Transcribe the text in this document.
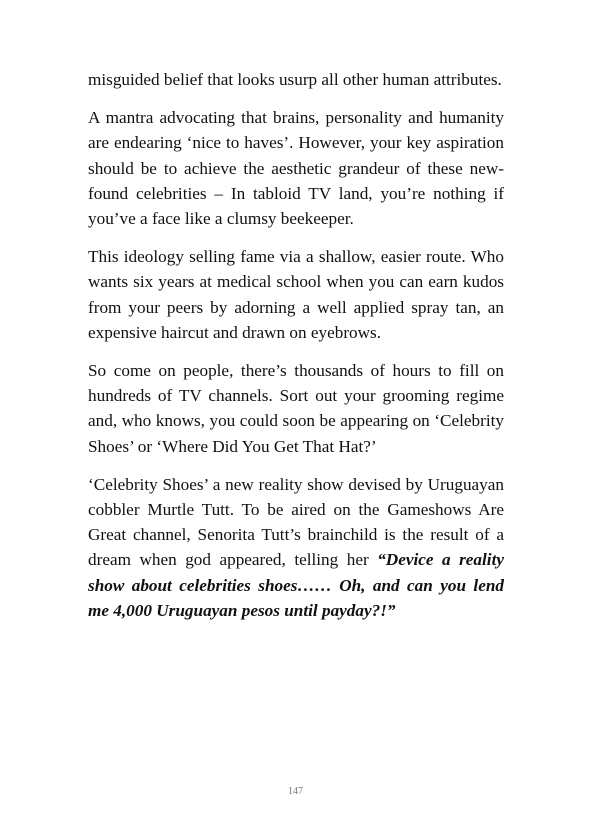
misguided belief that looks usurp all other human attributes.

A mantra advocating that brains, personality and humanity are endearing ‘nice to haves’. However, your key aspiration should be to achieve the aesthetic grandeur of these new-found celebrities – In tabloid TV land, you’re nothing if you’ve a face like a clumsy beekeeper.

This ideology selling fame via a shallow, easier route. Who wants six years at medical school when you can earn kudos from your peers by adorning a well applied spray tan, an expensive haircut and drawn on eyebrows.

So come on people, there’s thousands of hours to fill on hundreds of TV channels. Sort out your grooming regime and, who knows, you could soon be appearing on ‘Celebrity Shoes’ or ‘Where Did You Get That Hat?’

‘Celebrity Shoes’ a new reality show devised by Uruguayan cobbler Murtle Tutt. To be aired on the Gameshows Are Great channel, Senorita Tutt’s brainchild is the result of a dream when god appeared, telling her “Device a reality show about celebrities shoes…… Oh, and can you lend me 4,000 Uruguayan pesos until payday?!”

147
